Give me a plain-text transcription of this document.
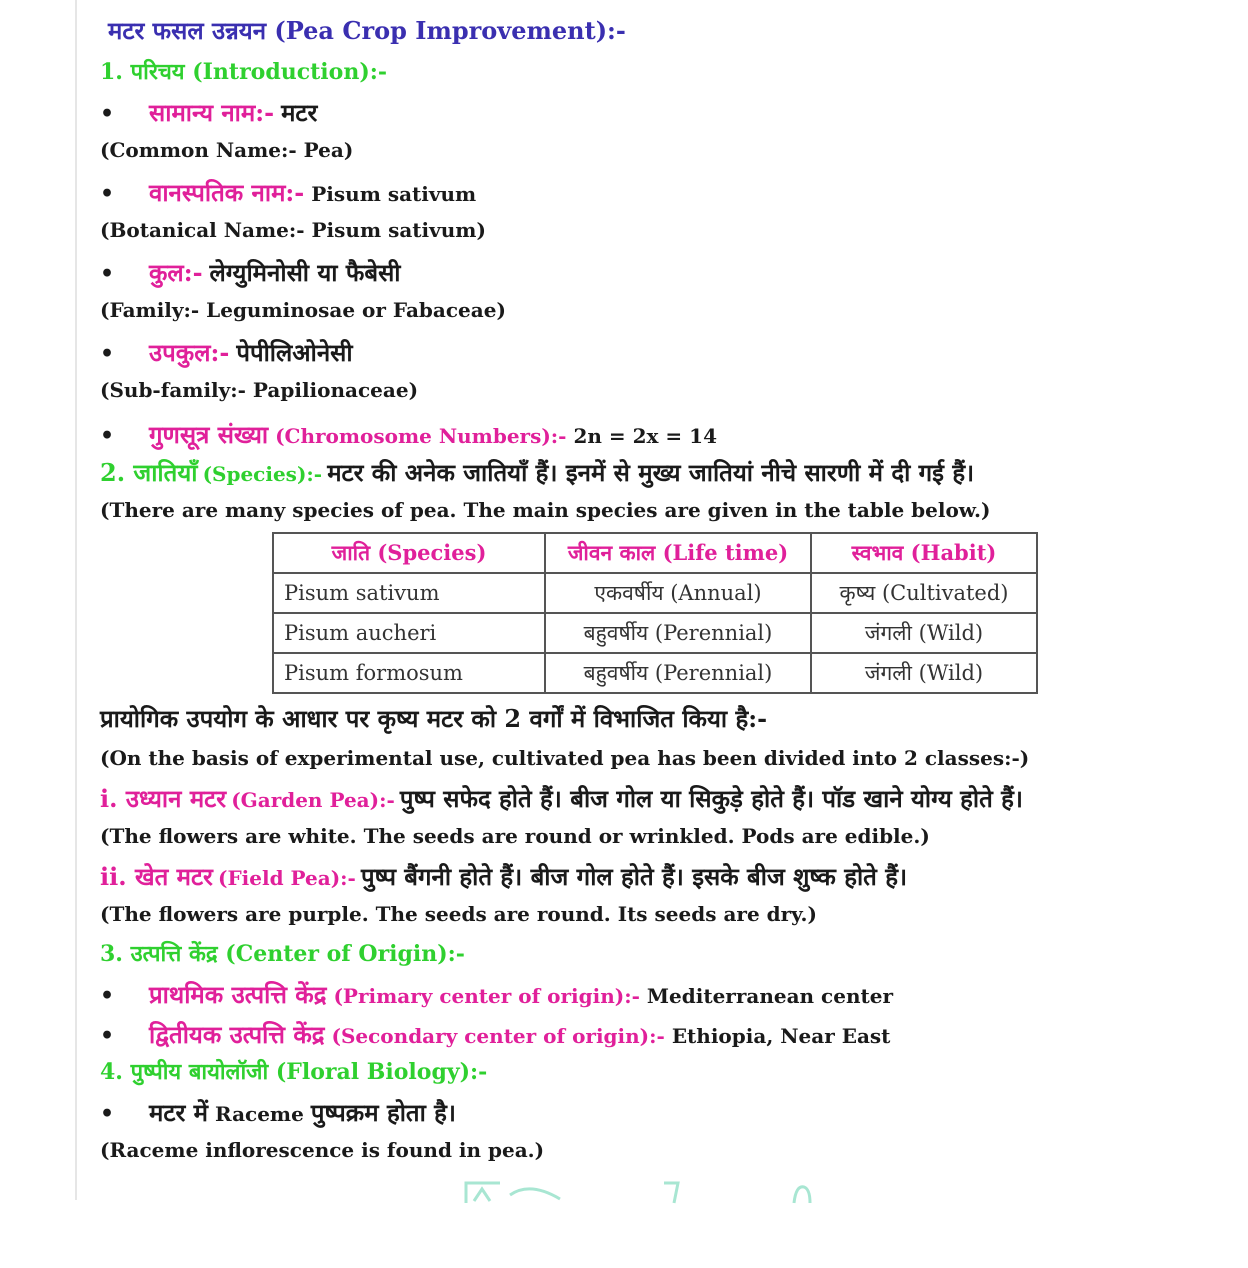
मटर फसल उन्नयन (Pea Crop Improvement):-
1. परिचय (Introduction):-
• सामान्य नाम:- मटर
(Common Name:- Pea)
• वानस्पतिक नाम:- Pisum sativum
(Botanical Name:- Pisum sativum)
• कुल:- लेग्युमिनोसी या फैबेसी
(Family:- Leguminosae or Fabaceae)
• उपकुल:- पेपीलिओनेसी
(Sub-family:- Papilionaceae)
• गुणसूत्र संख्या (Chromosome Numbers):- 2n = 2x = 14
2. जातियाँ (Species):- मटर की अनेक जातियाँ हैं। इनमें से मुख्य जातियां नीचे सारणी में दी गई हैं।
(There are many species of pea. The main species are given in the table below.)
जाति (Species)	जीवन काल (Life time)	स्वभाव (Habit)
Pisum sativum	एकवर्षीय (Annual)	कृष्य (Cultivated)
Pisum aucheri	बहुवर्षीय (Perennial)	जंगली (Wild)
Pisum formosum	बहुवर्षीय (Perennial)	जंगली (Wild)
प्रायोगिक उपयोग के आधार पर कृष्य मटर को 2 वर्गों में विभाजित किया है:-
(On the basis of experimental use, cultivated pea has been divided into 2 classes:-)
i. उध्यान मटर (Garden Pea):- पुष्प सफेद होते हैं। बीज गोल या सिकुड़े होते हैं। पॉड खाने योग्य होते हैं।
(The flowers are white. The seeds are round or wrinkled. Pods are edible.)
ii. खेत मटर (Field Pea):- पुष्प बैंगनी होते हैं। बीज गोल होते हैं। इसके बीज शुष्क होते हैं।
(The flowers are purple. The seeds are round. Its seeds are dry.)
3. उत्पत्ति केंद्र (Center of Origin):-
• प्राथमिक उत्पत्ति केंद्र (Primary center of origin):- Mediterranean center
• द्वितीयक उत्पत्ति केंद्र (Secondary center of origin):- Ethiopia, Near East
4. पुष्पीय बायोलॉजी (Floral Biology):-
• मटर में Raceme पुष्पक्रम होता है।
(Raceme inflorescence is found in pea.)
